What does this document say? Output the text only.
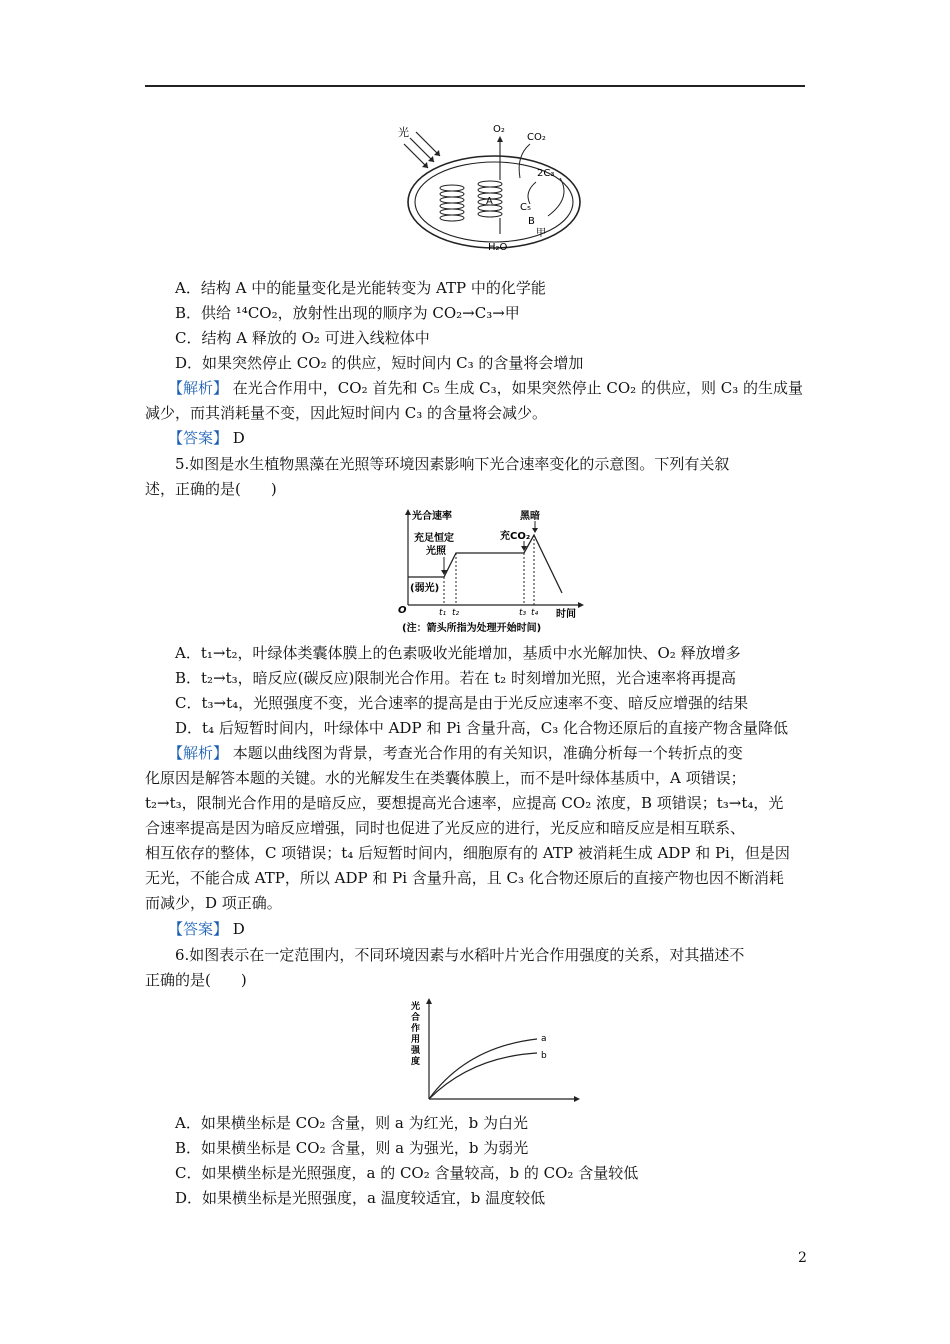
光
A
O₂
H₂O
CO₂
2C₃
C₅
B
甲
A．结构 A 中的能量变化是光能转变为 ATP 中的化学能
B．供给 ¹⁴CO₂，放射性出现的顺序为 CO₂→C₃→甲
C．结构 A 释放的 O₂ 可进入线粒体中
D．如果突然停止 CO₂ 的供应，短时间内 C₃ 的含量将会增加
【解析】 在光合作用中，CO₂ 首先和 C₅ 生成 C₃，如果突然停止 CO₂ 的供应，则 C₃ 的生成量
减少，而其消耗量不变，因此短时间内 C₃ 的含量将会减少。
【答案】 D
5.如图是水生植物黑藻在光照等环境因素影响下光合速率变化的示意图。下列有关叙
述，正确的是(　　)
光合速率
O	时间
(弱光)
充足恒定
光照
充CO₂
黑暗
t₁ t₂	t₃ t₄
(注：箭头所指为处理开始时间)
A．t₁→t₂，叶绿体类囊体膜上的色素吸收光能增加，基质中水光解加快、O₂ 释放增多
B．t₂→t₃，暗反应(碳反应)限制光合作用。若在 t₂ 时刻增加光照，光合速率将再提高
C．t₃→t₄，光照强度不变，光合速率的提高是由于光反应速率不变、暗反应增强的结果
D．t₄ 后短暂时间内，叶绿体中 ADP 和 Pi 含量升高，C₃ 化合物还原后的直接产物含量降低
【解析】 本题以曲线图为背景，考查光合作用的有关知识，准确分析每一个转折点的变
化原因是解答本题的关键。水的光解发生在类囊体膜上，而不是叶绿体基质中，A 项错误；
t₂→t₃，限制光合作用的是暗反应，要想提高光合速率，应提高 CO₂ 浓度，B 项错误；t₃→t₄，光
合速率提高是因为暗反应增强，同时也促进了光反应的进行，光反应和暗反应是相互联系、
相互依存的整体，C 项错误；t₄ 后短暂时间内，细胞原有的 ATP 被消耗生成 ADP 和 Pi，但是因
无光，不能合成 ATP，所以 ADP 和 Pi 含量升高，且 C₃ 化合物还原后的直接产物也因不断消耗
而减少，D 项正确。
【答案】 D
6.如图表示在一定范围内，不同环境因素与水稻叶片光合作用强度的关系，对其描述不
正确的是(　　)
光合作用强度
a
b
A．如果横坐标是 CO₂ 含量，则 a 为红光，b 为白光
B．如果横坐标是 CO₂ 含量，则 a 为强光，b 为弱光
C．如果横坐标是光照强度，a 的 CO₂ 含量较高，b 的 CO₂ 含量较低
D．如果横坐标是光照强度，a 温度较适宜，b 温度较低
2
